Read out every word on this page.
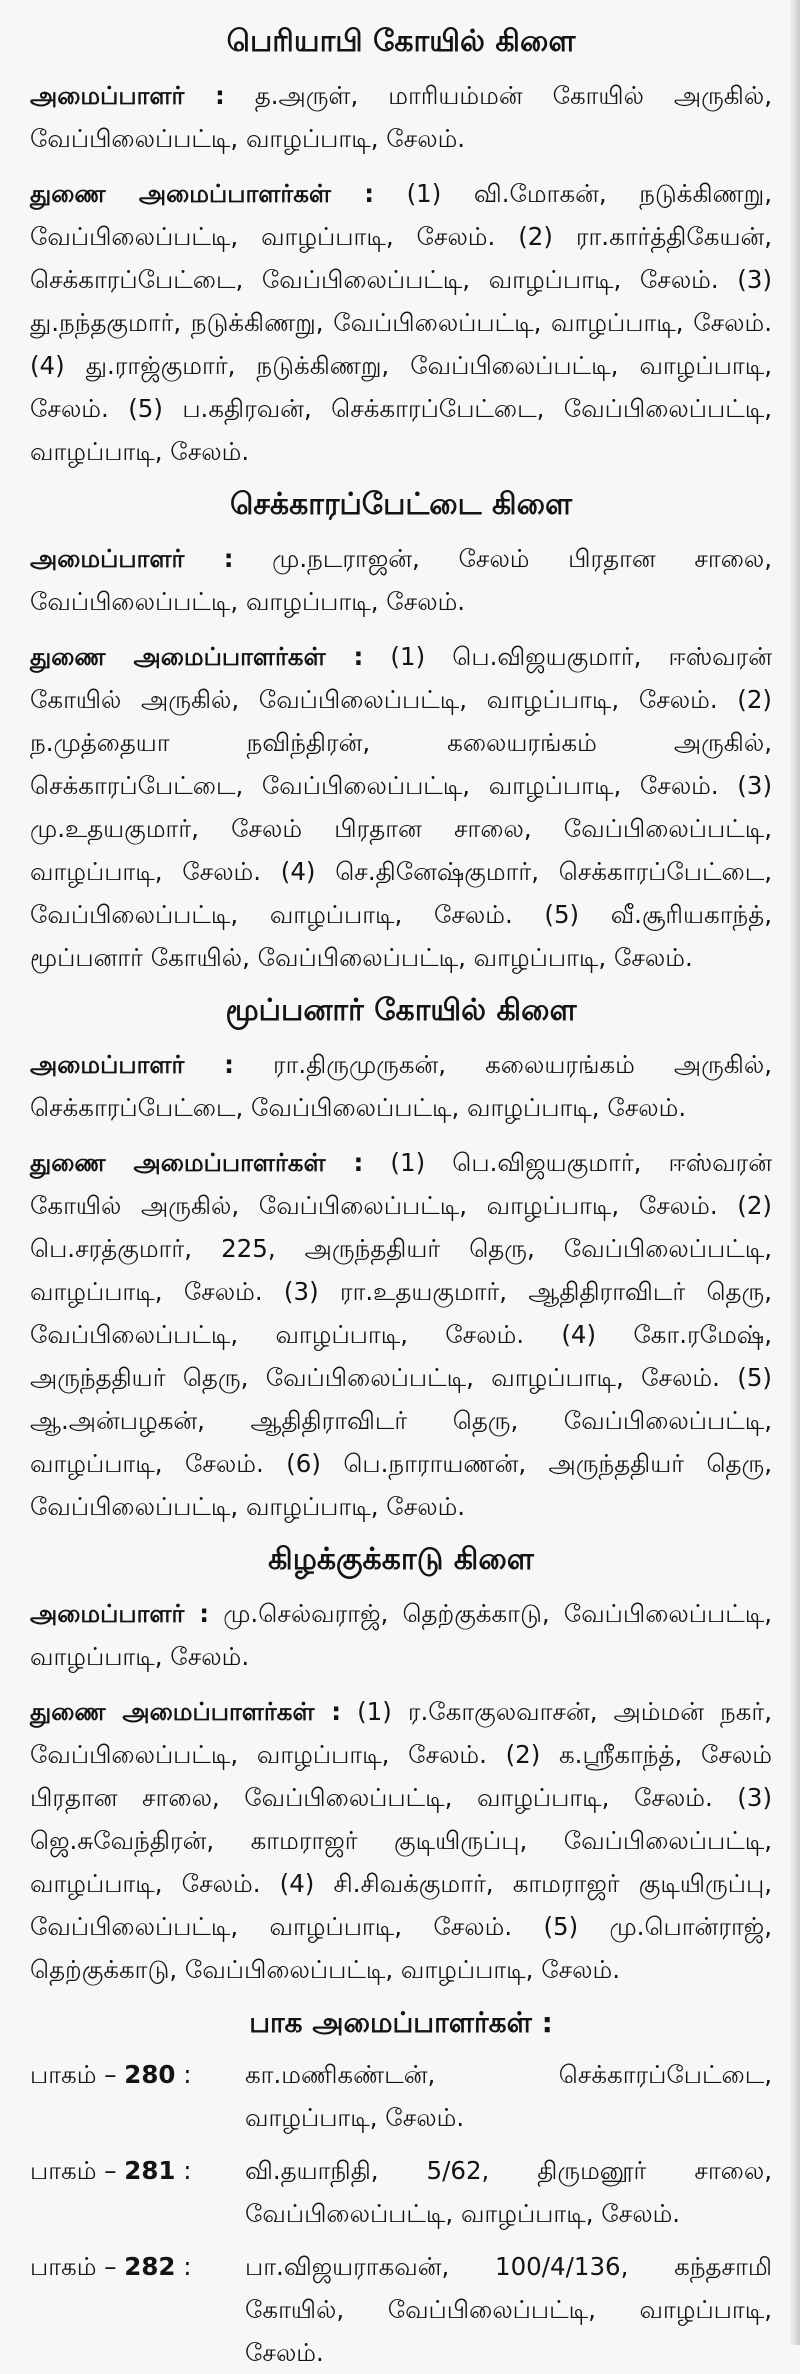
பெரியாபி கோயில் கிளை

அமைப்பாளர் : த.அருள், மாரியம்மன் கோயில் அருகில், வேப்பிலைப்பட்டி, வாழப்பாடி, சேலம்.

துணை அமைப்பாளர்கள் : (1) வி.மோகன், நடுக்கிணறு, வேப்பிலைப்பட்டி, வாழப்பாடி, சேலம். (2) ரா.கார்த்திகேயன், செக்காரப்பேட்டை, வேப்பிலைப்பட்டி, வாழப்பாடி, சேலம். (3) து.நந்தகுமார், நடுக்கிணறு, வேப்பிலைப்பட்டி, வாழப்பாடி, சேலம். (4) து.ராஜ்குமார், நடுக்கிணறு, வேப்பிலைப்பட்டி, வாழப்பாடி, சேலம். (5) ப.கதிரவன், செக்காரப்பேட்டை, வேப்பிலைப்பட்டி, வாழப்பாடி, சேலம்.

செக்காரப்பேட்டை கிளை

அமைப்பாளர் : மு.நடராஜன், சேலம் பிரதான சாலை, வேப்பிலைப்பட்டி, வாழப்பாடி, சேலம்.

துணை அமைப்பாளர்கள் : (1) பெ.விஜயகுமார், ஈஸ்வரன் கோயில் அருகில், வேப்பிலைப்பட்டி, வாழப்பாடி, சேலம். (2) ந.முத்தையா நவிந்திரன், கலையரங்கம் அருகில், செக்காரப்பேட்டை, வேப்பிலைப்பட்டி, வாழப்பாடி, சேலம். (3) மு.உதயகுமார், சேலம் பிரதான சாலை, வேப்பிலைப்பட்டி, வாழப்பாடி, சேலம். (4) செ.தினேஷ்குமார், செக்காரப்பேட்டை, வேப்பிலைப்பட்டி, வாழப்பாடி, சேலம். (5) வீ.சூரியகாந்த், மூப்பனார் கோயில், வேப்பிலைப்பட்டி, வாழப்பாடி, சேலம்.

மூப்பனார் கோயில் கிளை

அமைப்பாளர் : ரா.திருமுருகன், கலையரங்கம் அருகில், செக்காரப்பேட்டை, வேப்பிலைப்பட்டி, வாழப்பாடி, சேலம்.

துணை அமைப்பாளர்கள் : (1) பெ.விஜயகுமார், ஈஸ்வரன் கோயில் அருகில், வேப்பிலைப்பட்டி, வாழப்பாடி, சேலம். (2) பெ.சரத்குமார், 225, அருந்ததியர் தெரு, வேப்பிலைப்பட்டி, வாழப்பாடி, சேலம். (3) ரா.உதயகுமார், ஆதிதிராவிடர் தெரு, வேப்பிலைப்பட்டி, வாழப்பாடி, சேலம். (4) கோ.ரமேஷ், அருந்ததியர் தெரு, வேப்பிலைப்பட்டி, வாழப்பாடி, சேலம். (5) ஆ.அன்பழகன், ஆதிதிராவிடர் தெரு, வேப்பிலைப்பட்டி, வாழப்பாடி, சேலம். (6) பெ.நாராயணன், அருந்ததியர் தெரு, வேப்பிலைப்பட்டி, வாழப்பாடி, சேலம்.

கிழக்குக்காடு கிளை

அமைப்பாளர் : மு.செல்வராஜ், தெற்குக்காடு, வேப்பிலைப்பட்டி, வாழப்பாடி, சேலம்.

துணை அமைப்பாளர்கள் : (1) ர.கோகுலவாசன், அம்மன் நகர், வேப்பிலைப்பட்டி, வாழப்பாடி, சேலம். (2) க.ஸ்ரீகாந்த், சேலம் பிரதான சாலை, வேப்பிலைப்பட்டி, வாழப்பாடி, சேலம். (3) ஜெ.சுவேந்திரன், காமராஜர் குடியிருப்பு, வேப்பிலைப்பட்டி, வாழப்பாடி, சேலம். (4) சி.சிவக்குமார், காமராஜர் குடியிருப்பு, வேப்பிலைப்பட்டி, வாழப்பாடி, சேலம். (5) மு.பொன்ராஜ், தெற்குக்காடு, வேப்பிலைப்பட்டி, வாழப்பாடி, சேலம்.

பாக அமைப்பாளர்கள் :
பாகம் – 280 :	கா.மணிகண்டன், செக்காரப்பேட்டை, வாழப்பாடி, சேலம்.
பாகம் – 281 :	வி.தயாநிதி, 5/62, திருமனூர் சாலை, வேப்பிலைப்பட்டி, வாழப்பாடி, சேலம்.
பாகம் – 282 :	பா.விஜயராகவன், 100/4/136, கந்தசாமி கோயில், வேப்பிலைப்பட்டி, வாழப்பாடி, சேலம்.
